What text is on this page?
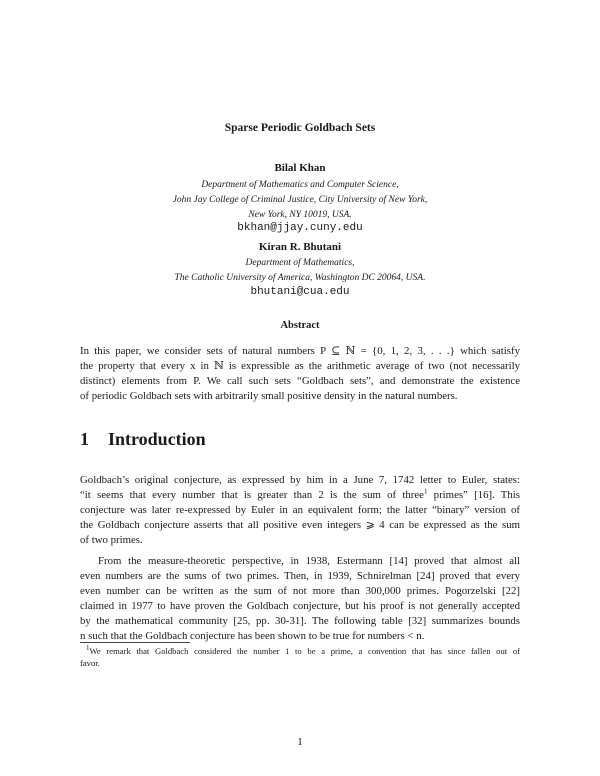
Sparse Periodic Goldbach Sets
Bilal Khan
Department of Mathematics and Computer Science,
John Jay College of Criminal Justice, City University of New York,
New York, NY 10019, USA.
bkhan@jjay.cuny.edu
Kiran R. Bhutani
Department of Mathematics,
The Catholic University of America, Washington DC 20064, USA.
bhutani@cua.edu
Abstract
In this paper, we consider sets of natural numbers P ⊆ ℕ = {0, 1, 2, 3, . . .} which satisfy
the property that every x in ℕ is expressible as the arithmetic average of two (not necessarily
distinct) elements from P. We call such sets “Goldbach sets”, and demonstrate the existence
of periodic Goldbach sets with arbitrarily small positive density in the natural numbers.
1 Introduction
Goldbach’s original conjecture, as expressed by him in a June 7, 1742 letter to Euler, states:
“it seems that every number that is greater than 2 is the sum of three$^1$ primes” [16]. This
conjecture was later re-expressed by Euler in an equivalent form; the latter “binary” version of
the Goldbach conjecture asserts that all positive even integers ⩾ 4 can be expressed as the sum
of two primes.
From the measure-theoretic perspective, in 1938, Estermann [14] proved that almost all
even numbers are the sums of two primes. Then, in 1939, Schnirelman [24] proved that every
even number can be written as the sum of not more than 300,000 primes. Pogorzelski [22]
claimed in 1977 to have proven the Goldbach conjecture, but his proof is not generally accepted
by the mathematical community [25, pp. 30-31]. The following table [32] summarizes bounds
n such that the Goldbach conjecture has been shown to be true for numbers < n.
$^1$We remark that Goldbach considered the number 1 to be a prime, a convention that has since fallen out of
favor.
1
